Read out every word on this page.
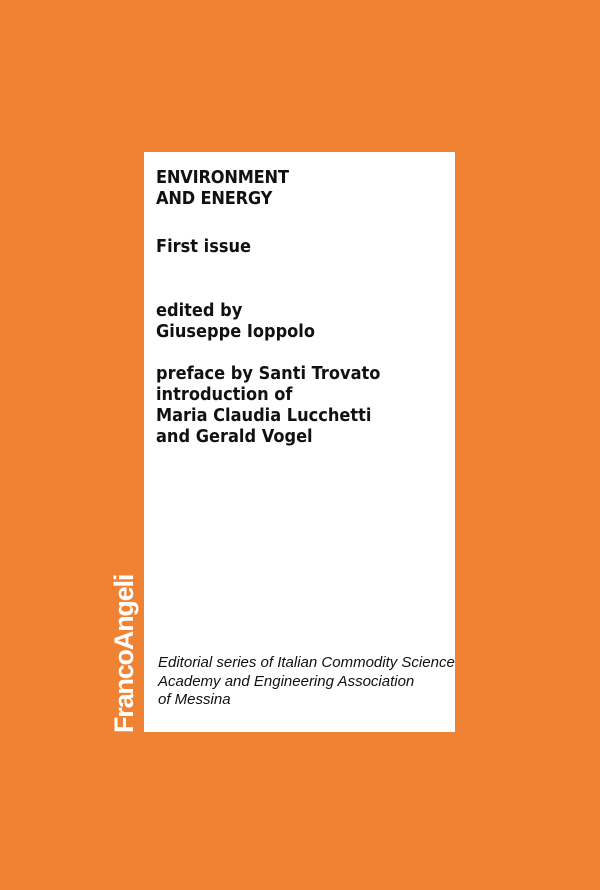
ENVIRONMENT
AND ENERGY
First issue
edited by
Giuseppe Ioppolo
preface by Santi Trovato
introduction of
Maria Claudia Lucchetti
and Gerald Vogel
Editorial series of Italian Commodity Science
Academy and Engineering Association
of Messina
FrancoAngeli
